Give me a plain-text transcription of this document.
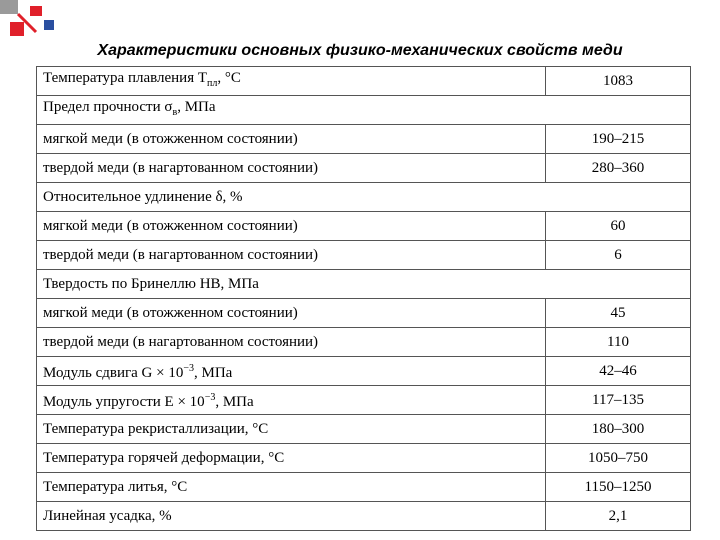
Характеристики основных физико-механических свойств меди
Температура плавления $T_{пл}$, °С	1083
Предел прочности $\sigma_в$, МПа	
мягкой меди (в отожженном состоянии)	190–215
твердой меди (в нагартованном состоянии)	280–360
Относительное удлинение δ, %	
мягкой меди (в отожженном состоянии)	60
твердой меди (в нагартованном состоянии)	6
Твердость по Бринеллю HB, МПа	
мягкой меди (в отожженном состоянии)	45
твердой меди (в нагартованном состоянии)	110
Модуль сдвига $G \times 10^{-3}$, МПа	42–46
Модуль упругости $E \times 10^{-3}$, МПа	117–135
Температура рекристаллизации, °С	180–300
Температура горячей деформации, °С	1050–750
Температура литья, °С	1150–1250
Линейная усадка, %	2,1
